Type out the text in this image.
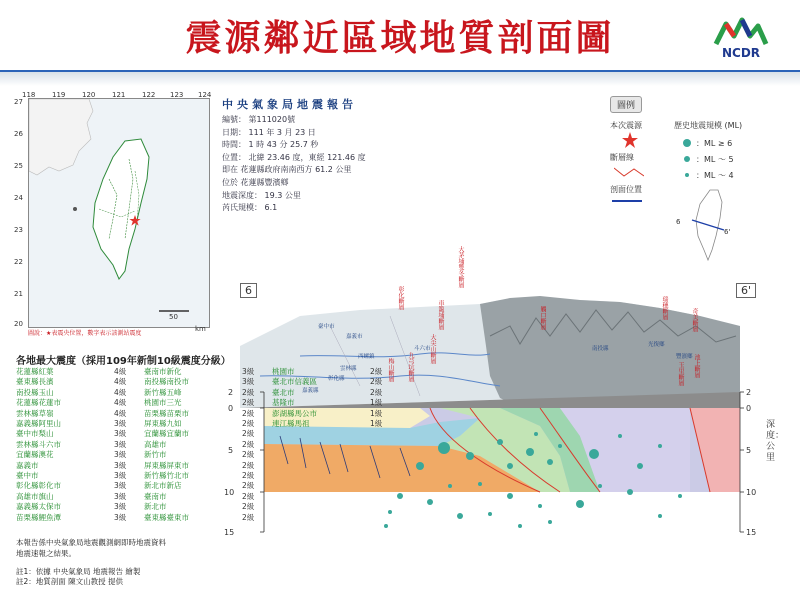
震源鄰近區域地質剖面圖	NCDR
50
km
118 119 120 121 122 123 124
27
26
25
24
23
22
21
20
圖說：★表震央位置，數字表示該測站震度
中央氣象局地震報告
編號： 第111020號
日期： 111 年 3 月 23 日
時間： 1 時 43 分 25.7 秒
位置： 北緯 23.46 度，東經 121.46 度
即在 花蓮縣政府南南西方 61.2 公里
位於 花蓮縣豐濱鄉
地震深度： 19.3 公里
芮氏規模： 6.1
圖例
本次震源
斷層線
剖面位置
歷史地震規模 (ML)
：ML ≥ 6
：ML ～ 5
：ML ～ 4
6
6'
6	6'
2
0
5
10
15
2
0
5
10
15
深度：公里
彰化斷層
車籠埔斷層
大茅埔雙冬斷層
大尖山斷層
九芎坑斷層
梅山斷層
觸口斷層	瑞穗斷層	奇美斷層
玉里斷層 池上斷層
臺中市
嘉義市
西螺鎮
斗六市
雲林縣
彰化縣
南投縣
光復鄉
豐濱鄉
嘉義縣
各地最大震度（採用109年新制10級震度分級）
花蓮縣紅葉	4級	臺南市新化	3級	桃園市	2級
臺東縣長濱	4級	南投縣南投市	3級	臺北市信義區	2級
南投縣玉山	4級	新竹縣五峰	2級	臺北市	2級
花蓮縣花蓮市	4級	桃園市三光	2級	基隆市	1級
雲林縣草嶺	4級	苗栗縣苗栗市	2級	澎湖縣馬公市	1級
嘉義縣阿里山	3級	屏東縣九如	2級	連江縣馬祖	1級
臺中市梨山	3級	宜蘭縣宜蘭市	2級
雲林縣斗六市	3級	高雄市	2級
宜蘭縣澳花	3級	新竹市	2級
嘉義市	3級	屏東縣屏東市	2級
臺中市	3級	新竹縣竹北市	2級
彰化縣彰化市	3級	新北市新店	2級
高雄市旗山	3級	臺南市	2級
嘉義縣太保市	3級	新北市	2級
苗栗縣鯉魚潭	3級	臺東縣臺東市	2級
本報告係中央氣象局地震觀測網即時地震資料
地震速報之結果。
註1：依據 中央氣象局 地震報告 繪製
註2：地質剖面 陳文山教授 提供
